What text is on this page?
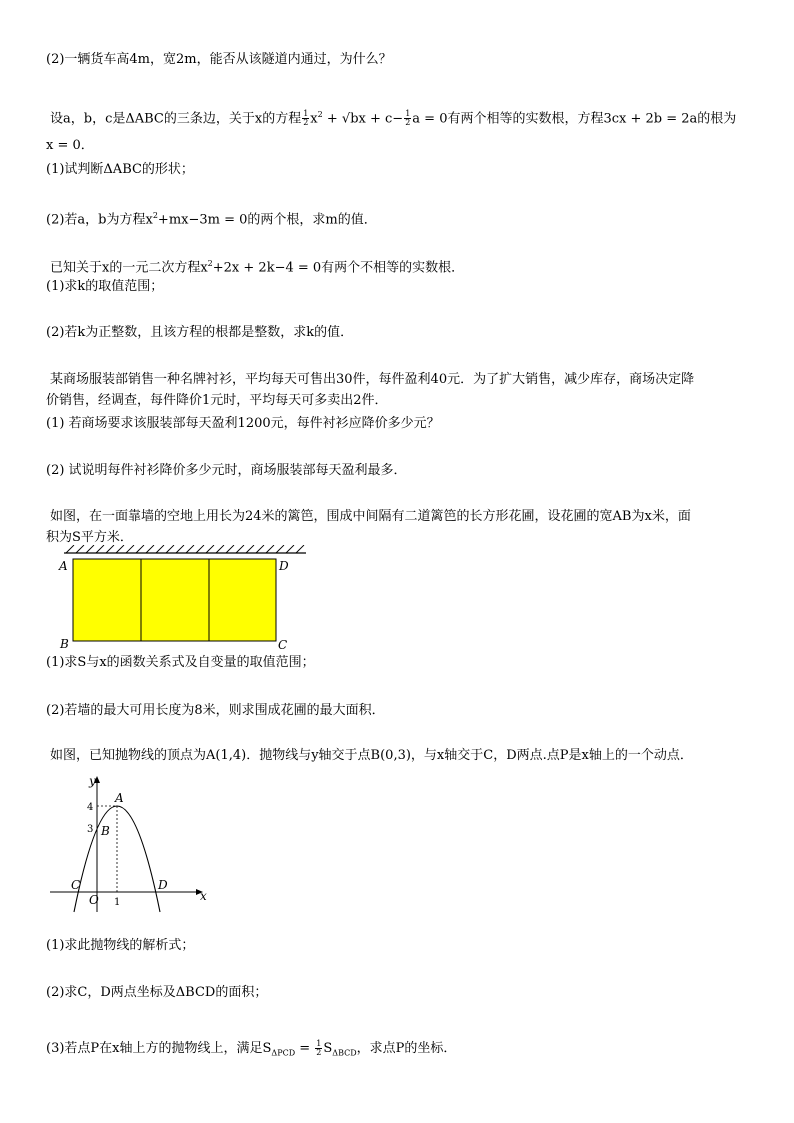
(2)一辆货车高4m，宽2m，能否从该隧道内通过，为什么？
设a，b，c是ΔABC的三条边，关于x的方程 $\frac{1}{2} x^2 + √bx + c- \frac{1}{2}$ a = 0有两个相等的实数根，方程3cx + 2b = 2a的根为
x = 0．
(1)试判断ΔABC的形状；
(2)若a，b为方程$x^2+mx-3m = 0$的两个根，求m的值．
已知关于x的一元二次方程$x^2+2x + 2k-4 = 0$有两个不相等的实数根．
(1)求k的取值范围；
(2)若k为正整数，且该方程的根都是整数，求k的值．
某商场服装部销售一种名牌衬衫，平均每天可售出30件，每件盈利40元．为了扩大销售，减少库存，商场决定降
价销售，经调查，每件降价1元时，平均每天可多卖出2件．
(1) 若商场要求该服装部每天盈利1200元，每件衬衫应降价多少元？
(2) 试说明每件衬衫降价多少元时，商场服装部每天盈利最多．
如图，在一面靠墙的空地上用长为24米的篱笆，围成中间隔有二道篱笆的长方形花圃，设花圃的宽AB为x米，面
积为S平方米．
A	D
B	C
(1)求S与x的函数关系式及自变量的取值范围；
(2)若墙的最大可用长度为8米，则求围成花圃的最大面积．
如图，已知抛物线的顶点为A(1,4)．抛物线与y轴交于点B(0,3)，与x轴交于C，D两点.点P是x轴上的一个动点．
y
x
4
3
A
B
C	D
O 1
(1)求此抛物线的解析式；
(2)求C，D两点坐标及ΔBCD的面积；
(3)若点P在x轴上方的抛物线上，满足$S_{\Delta PCD} = \frac{1}{2} S_{\Delta BCD}$，求点P的坐标．
